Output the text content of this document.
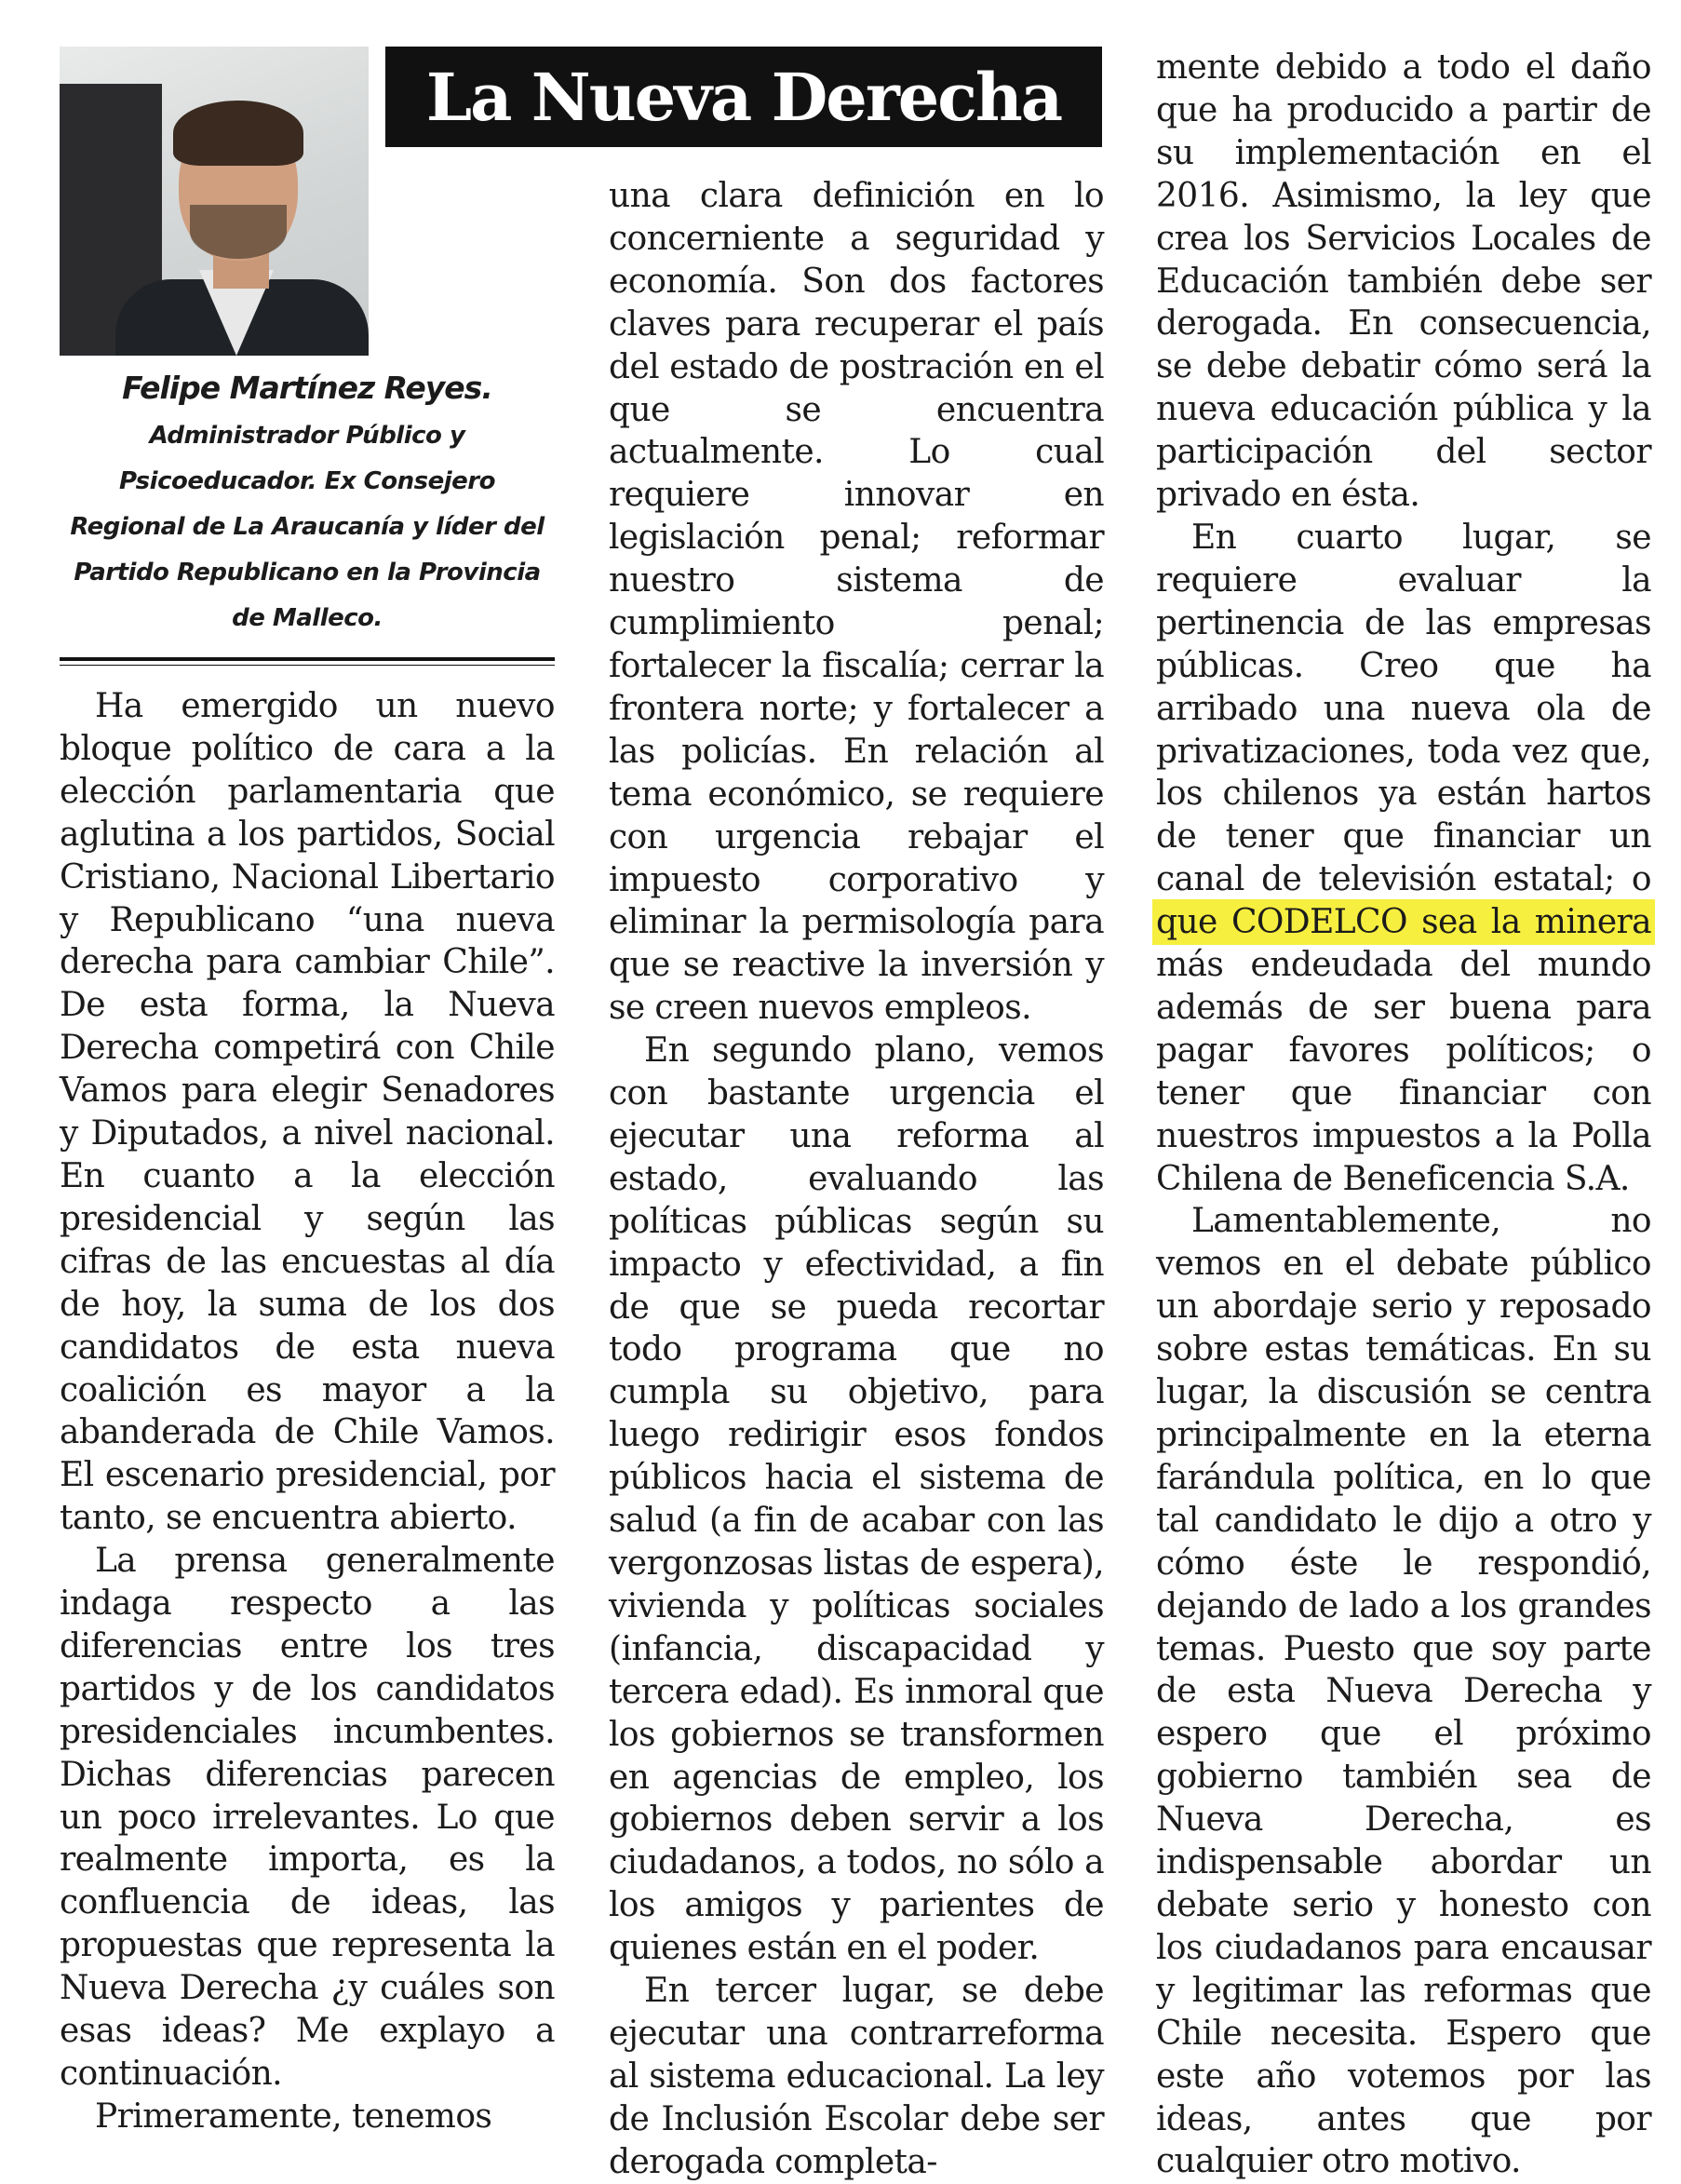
La Nueva Derecha
Felipe Martínez Reyes.
Administrador Público y
Psicoeducador. Ex Consejero
Regional de La Araucanía y líder del
Partido Republicano en la Provincia
de Malleco.

Ha emergido un nuevo bloque político de cara a la elección parlamentaria que aglutina a los partidos, Social Cristiano, Nacional Libertario y Republicano “una nueva derecha para cambiar Chile”. De esta forma, la Nueva Derecha competirá con Chile Vamos para elegir Senadores y Diputados, a nivel nacional. En cuanto a la elección presidencial y según las cifras de las encuestas al día de hoy, la suma de los dos candidatos de esta nueva coalición es mayor a la abanderada de Chile Vamos. El escenario presidencial, por tanto, se encuentra abierto.

La prensa generalmente indaga respecto a las diferencias entre los tres partidos y de los candidatos presidenciales incumbentes. Dichas diferencias parecen un poco irrelevantes. Lo que realmente importa, es la confluencia de ideas, las propuestas que representa la Nueva Derecha ¿y cuáles son esas ideas? Me explayo a continuación.

Primeramente, tenemos

una clara definición en lo concerniente a seguridad y economía. Son dos factores claves para recuperar el país del estado de postración en el que se encuentra actualmente. Lo cual requiere innovar en legislación penal; reformar nuestro sistema de cumplimiento penal; fortalecer la fiscalía; cerrar la frontera norte; y fortalecer a las policías. En relación al tema económico, se requiere con urgencia rebajar el impuesto corporativo y eliminar la permisología para que se reactive la inversión y se creen nuevos empleos.

En segundo plano, vemos con bastante urgencia el ejecutar una reforma al estado, evaluando las políticas públicas según su impacto y efectividad, a fin de que se pueda recortar todo programa que no cumpla su objetivo, para luego redirigir esos fondos públicos hacia el sistema de salud (a fin de acabar con las vergonzosas listas de espera), vivienda y políticas sociales (infancia, discapacidad y tercera edad). Es inmoral que los gobiernos se transformen en agencias de empleo, los gobiernos deben servir a los ciudadanos, a todos, no sólo a los amigos y parientes de quienes están en el poder.

En tercer lugar, se debe ejecutar una contrarreforma al sistema educacional. La ley de Inclusión Escolar debe ser derogada completa-

mente debido a todo el daño que ha producido a partir de su implementación en el 2016. Asimismo, la ley que crea los Servicios Locales de Educación también debe ser derogada. En consecuencia, se debe debatir cómo será la nueva educación pública y la participación del sector privado en ésta.

En cuarto lugar, se requiere evaluar la pertinencia de las empresas públicas. Creo que ha arribado una nueva ola de privatizaciones, toda vez que, los chilenos ya están hartos de tener que financiar un canal de televisión estatal; o que CODELCO sea la minera más endeudada del mundo además de ser buena para pagar favores políticos; o tener que financiar con nuestros impuestos a la Polla Chilena de Beneficencia S.A.

Lamentablemente, no vemos en el debate público un abordaje serio y reposado sobre estas temáticas. En su lugar, la discusión se centra principalmente en la eterna farándula política, en lo que tal candidato le dijo a otro y cómo éste le respondió, dejando de lado a los grandes temas. Puesto que soy parte de esta Nueva Derecha y espero que el próximo gobierno también sea de Nueva Derecha, es indispensable abordar un debate serio y honesto con los ciudadanos para encausar y legitimar las reformas que Chile necesita. Espero que este año votemos por las ideas, antes que por cualquier otro motivo.
